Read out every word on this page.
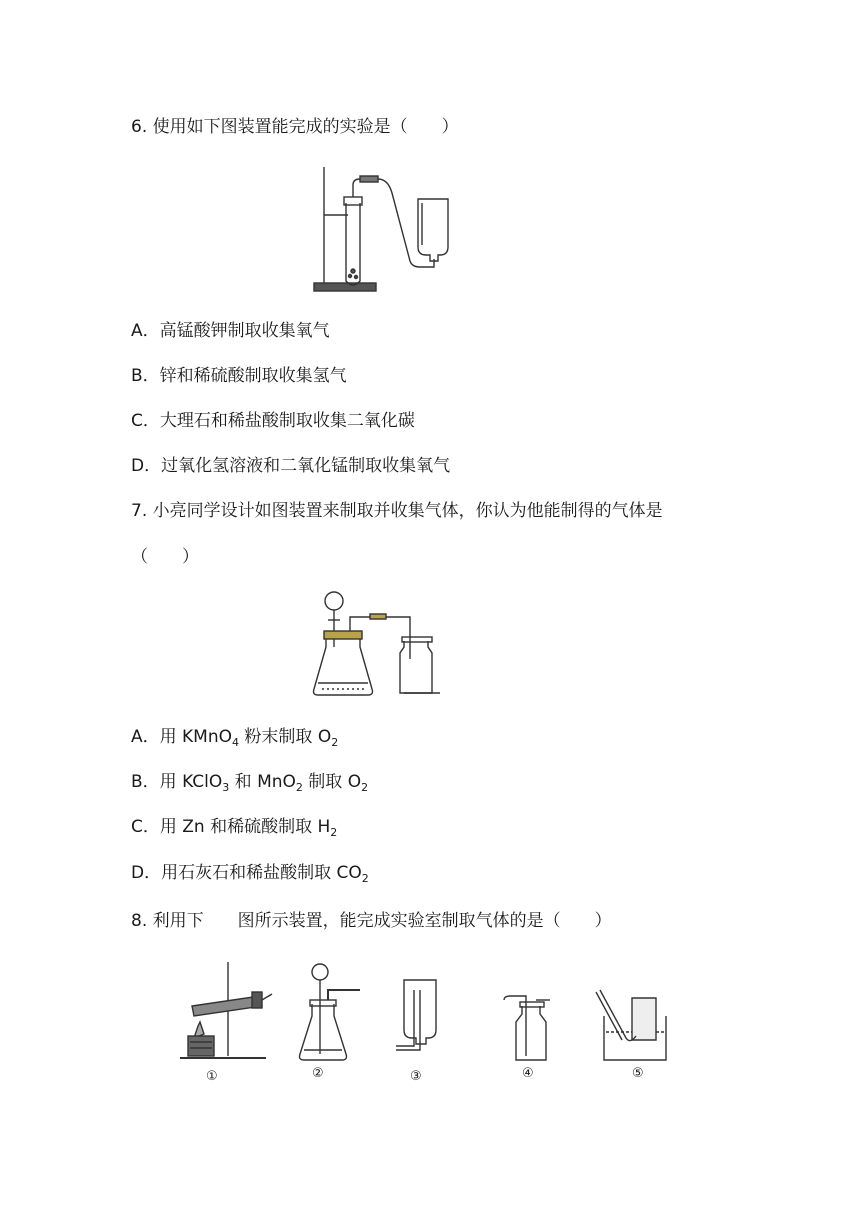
6. 使用如下图装置能完成的实验是（　　）
A．高锰酸钾制取收集氧气
B．锌和稀硫酸制取收集氢气
C．大理石和稀盐酸制取收集二氧化碳
D．过氧化氢溶液和二氧化锰制取收集氧气
7. 小亮同学设计如图装置来制取并收集气体，你认为他能制得的气体是
（　　）
A．用 KMnO$_4$ 粉末制取 $O_2$
B．用 KClO$_3$ 和 MnO$_2$ 制取 $O_2$
C．用 Zn 和稀硫酸制取 $H_2$
D．用石灰石和稀盐酸制取 $CO_2$
8. 利用下　　图所示装置，能完成实验室制取气体的是（　　）
①	②	③	④	⑤
